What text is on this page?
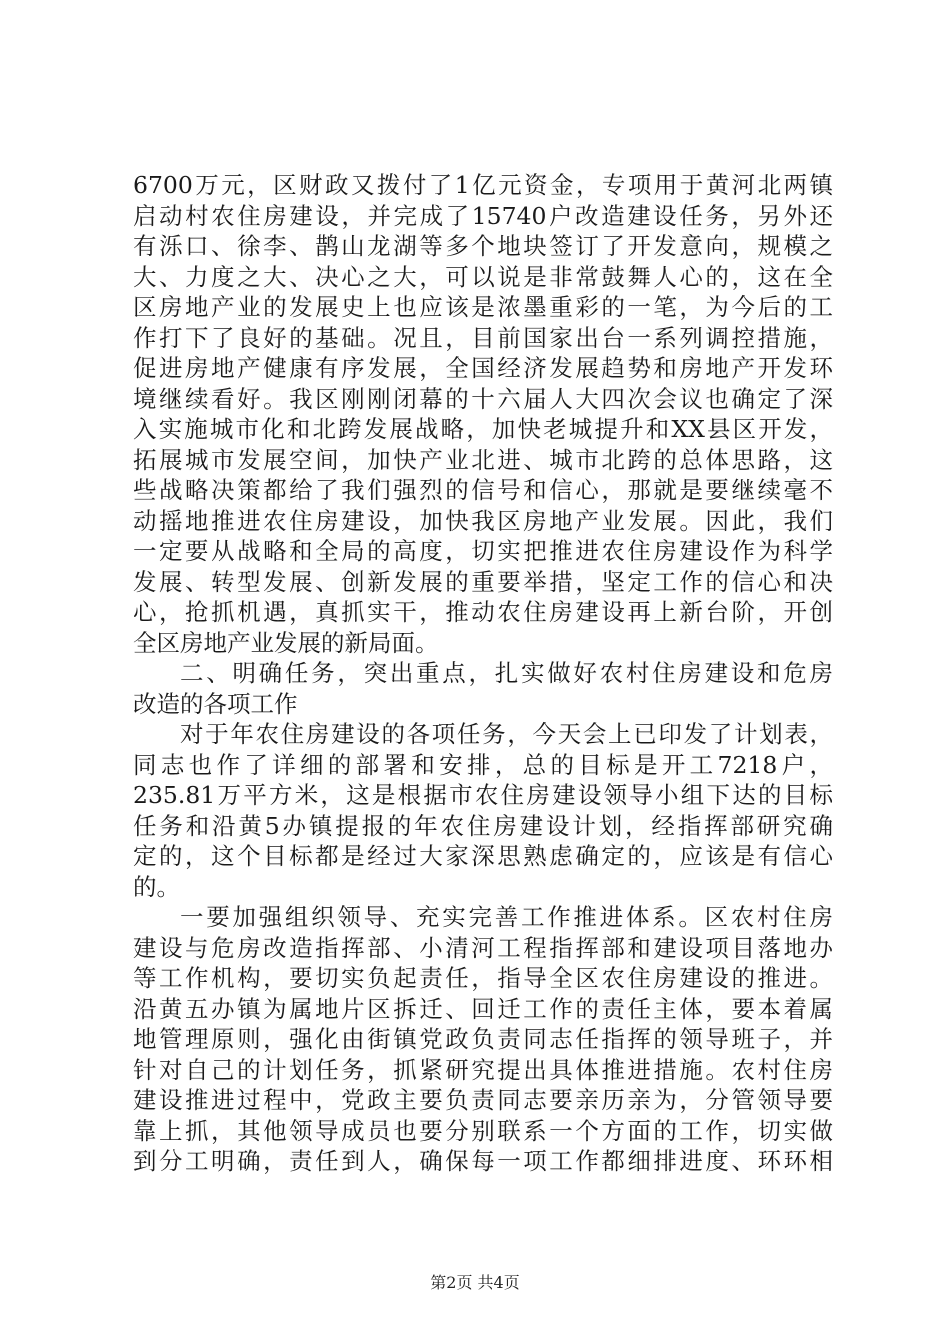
6700万元，区财政又拨付了1亿元资金，专项用于黄河北两镇
启动村农住房建设，并完成了15740户改造建设任务，另外还
有泺口、徐李、鹊山龙湖等多个地块签订了开发意向，规模之
大、力度之大、决心之大，可以说是非常鼓舞人心的，这在全
区房地产业的发展史上也应该是浓墨重彩的一笔，为今后的工
作打下了良好的基础。况且，目前国家出台一系列调控措施，
促进房地产健康有序发展，全国经济发展趋势和房地产开发环
境继续看好。我区刚刚闭幕的十六届人大四次会议也确定了深
入实施城市化和北跨发展战略，加快老城提升和XX县区开发，
拓展城市发展空间，加快产业北进、城市北跨的总体思路，这
些战略决策都给了我们强烈的信号和信心，那就是要继续毫不
动摇地推进农住房建设，加快我区房地产业发展。因此，我们
一定要从战略和全局的高度，切实把推进农住房建设作为科学
发展、转型发展、创新发展的重要举措，坚定工作的信心和决
心，抢抓机遇，真抓实干，推动农住房建设再上新台阶，开创
全区房地产业发展的新局面。
二、明确任务，突出重点，扎实做好农村住房建设和危房
改造的各项工作
对于年农住房建设的各项任务，今天会上已印发了计划表，
同志也作了详细的部署和安排，总的目标是开工7218户，
235.81万平方米，这是根据市农住房建设领导小组下达的目标
任务和沿黄5办镇提报的年农住房建设计划，经指挥部研究确
定的，这个目标都是经过大家深思熟虑确定的，应该是有信心
的。
一要加强组织领导、充实完善工作推进体系。区农村住房
建设与危房改造指挥部、小清河工程指挥部和建设项目落地办
等工作机构，要切实负起责任，指导全区农住房建设的推进。
沿黄五办镇为属地片区拆迁、回迁工作的责任主体，要本着属
地管理原则，强化由街镇党政负责同志任指挥的领导班子，并
针对自己的计划任务，抓紧研究提出具体推进措施。农村住房
建设推进过程中，党政主要负责同志要亲历亲为，分管领导要
靠上抓，其他领导成员也要分别联系一个方面的工作，切实做
到分工明确，责任到人，确保每一项工作都细排进度、环环相
第2页 共4页
